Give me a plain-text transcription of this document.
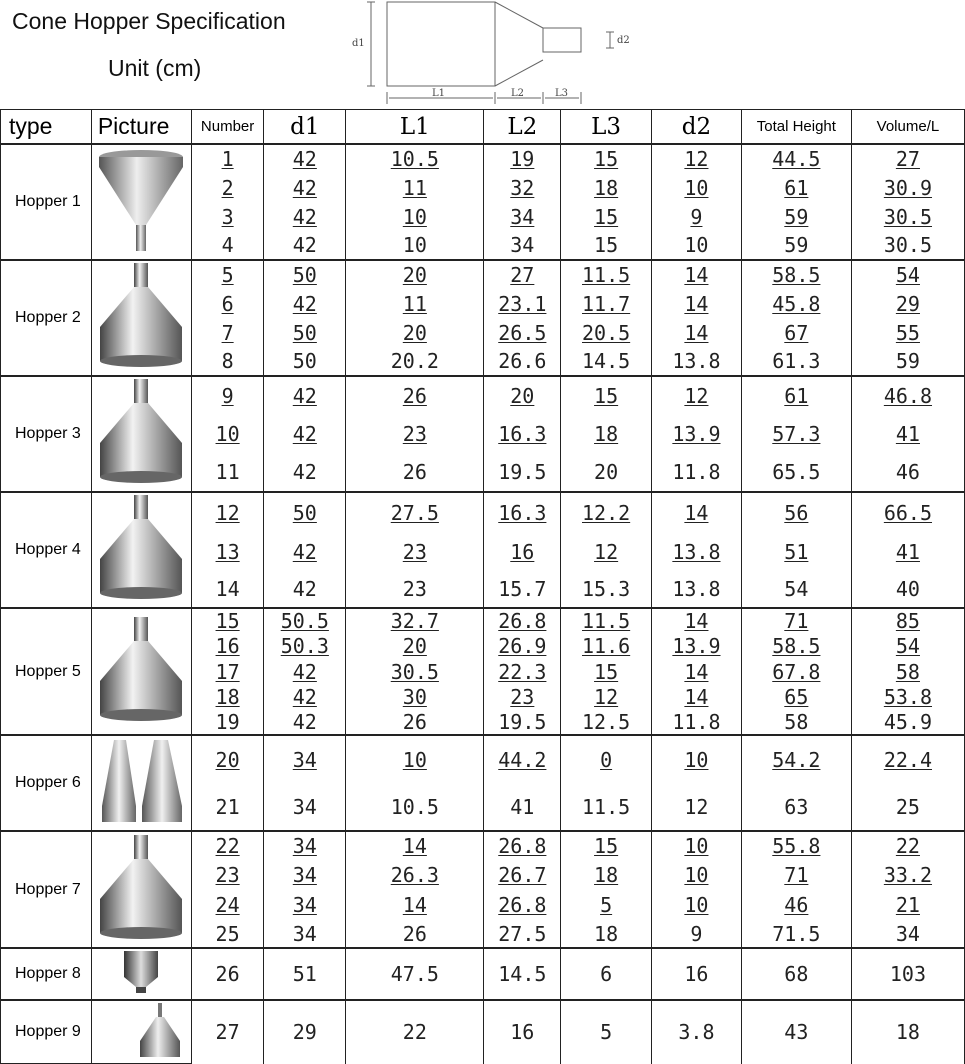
Cone Hopper Specification
Unit (cm)
d1	d2
L1	L2	L3
type	Picture	Number	d1	L1	L2	L3	d2	Total Height	Volume/L
Hopper 1		1	42	10.5	19	15	12	44.5	27
		2	42	11	32	18	10	61	30.9
		3	42	10	34	15	9	59	30.5
		4	42	10	34	15	10	59	30.5
Hopper 2		5	50	20	27	11.5	14	58.5	54
		6	42	11	23.1	11.7	14	45.8	29
		7	50	20	26.5	20.5	14	67	55
		8	50	20.2	26.6	14.5	13.8	61.3	59
Hopper 3		9	42	26	20	15	12	61	46.8
		10	42	23	16.3	18	13.9	57.3	41
		11	42	26	19.5	20	11.8	65.5	46
Hopper 4		12	50	27.5	16.3	12.2	14	56	66.5
		13	42	23	16	12	13.8	51	41
		14	42	23	15.7	15.3	13.8	54	40
Hopper 5		15	50.5	32.7	26.8	11.5	14	71	85
		16	50.3	20	26.9	11.6	13.9	58.5	54
		17	42	30.5	22.3	15	14	67.8	58
		18	42	30	23	12	14	65	53.8
		19	42	26	19.5	12.5	11.8	58	45.9
Hopper 6		20	34	10	44.2	0	10	54.2	22.4
		21	34	10.5	41	11.5	12	63	25
Hopper 7		22	34	14	26.8	15	10	55.8	22
		23	34	26.3	26.7	18	10	71	33.2
		24	34	14	26.8	5	10	46	21
		25	34	26	27.5	18	9	71.5	34
Hopper 8		26	51	47.5	14.5	6	16	68	103
Hopper 9		27	29	22	16	5	3.8	43	18
